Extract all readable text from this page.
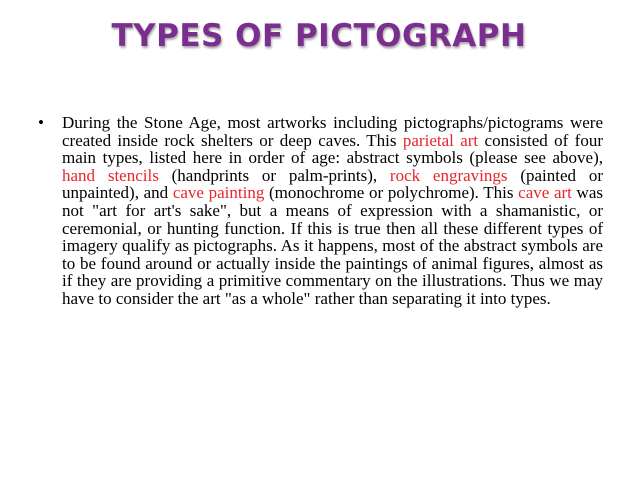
TYPES OF PICTOGRAPH
• During the Stone Age, most artworks including pictographs/pictograms were created inside rock shelters or deep caves. This parietal art consisted of four main types, listed here in order of age: abstract symbols (please see above), hand stencils (handprints or palm-prints), rock engravings (painted or unpainted), and cave painting (monochrome or polychrome). This cave art was not "art for art's sake", but a means of expression with a shamanistic, or ceremonial, or hunting function. If this is true then all these different types of imagery qualify as pictographs. As it happens, most of the abstract symbols are to be found around or actually inside the paintings of animal figures, almost as if they are providing a primitive commentary on the illustrations. Thus we may have to consider the art "as a whole" rather than separating it into types.
